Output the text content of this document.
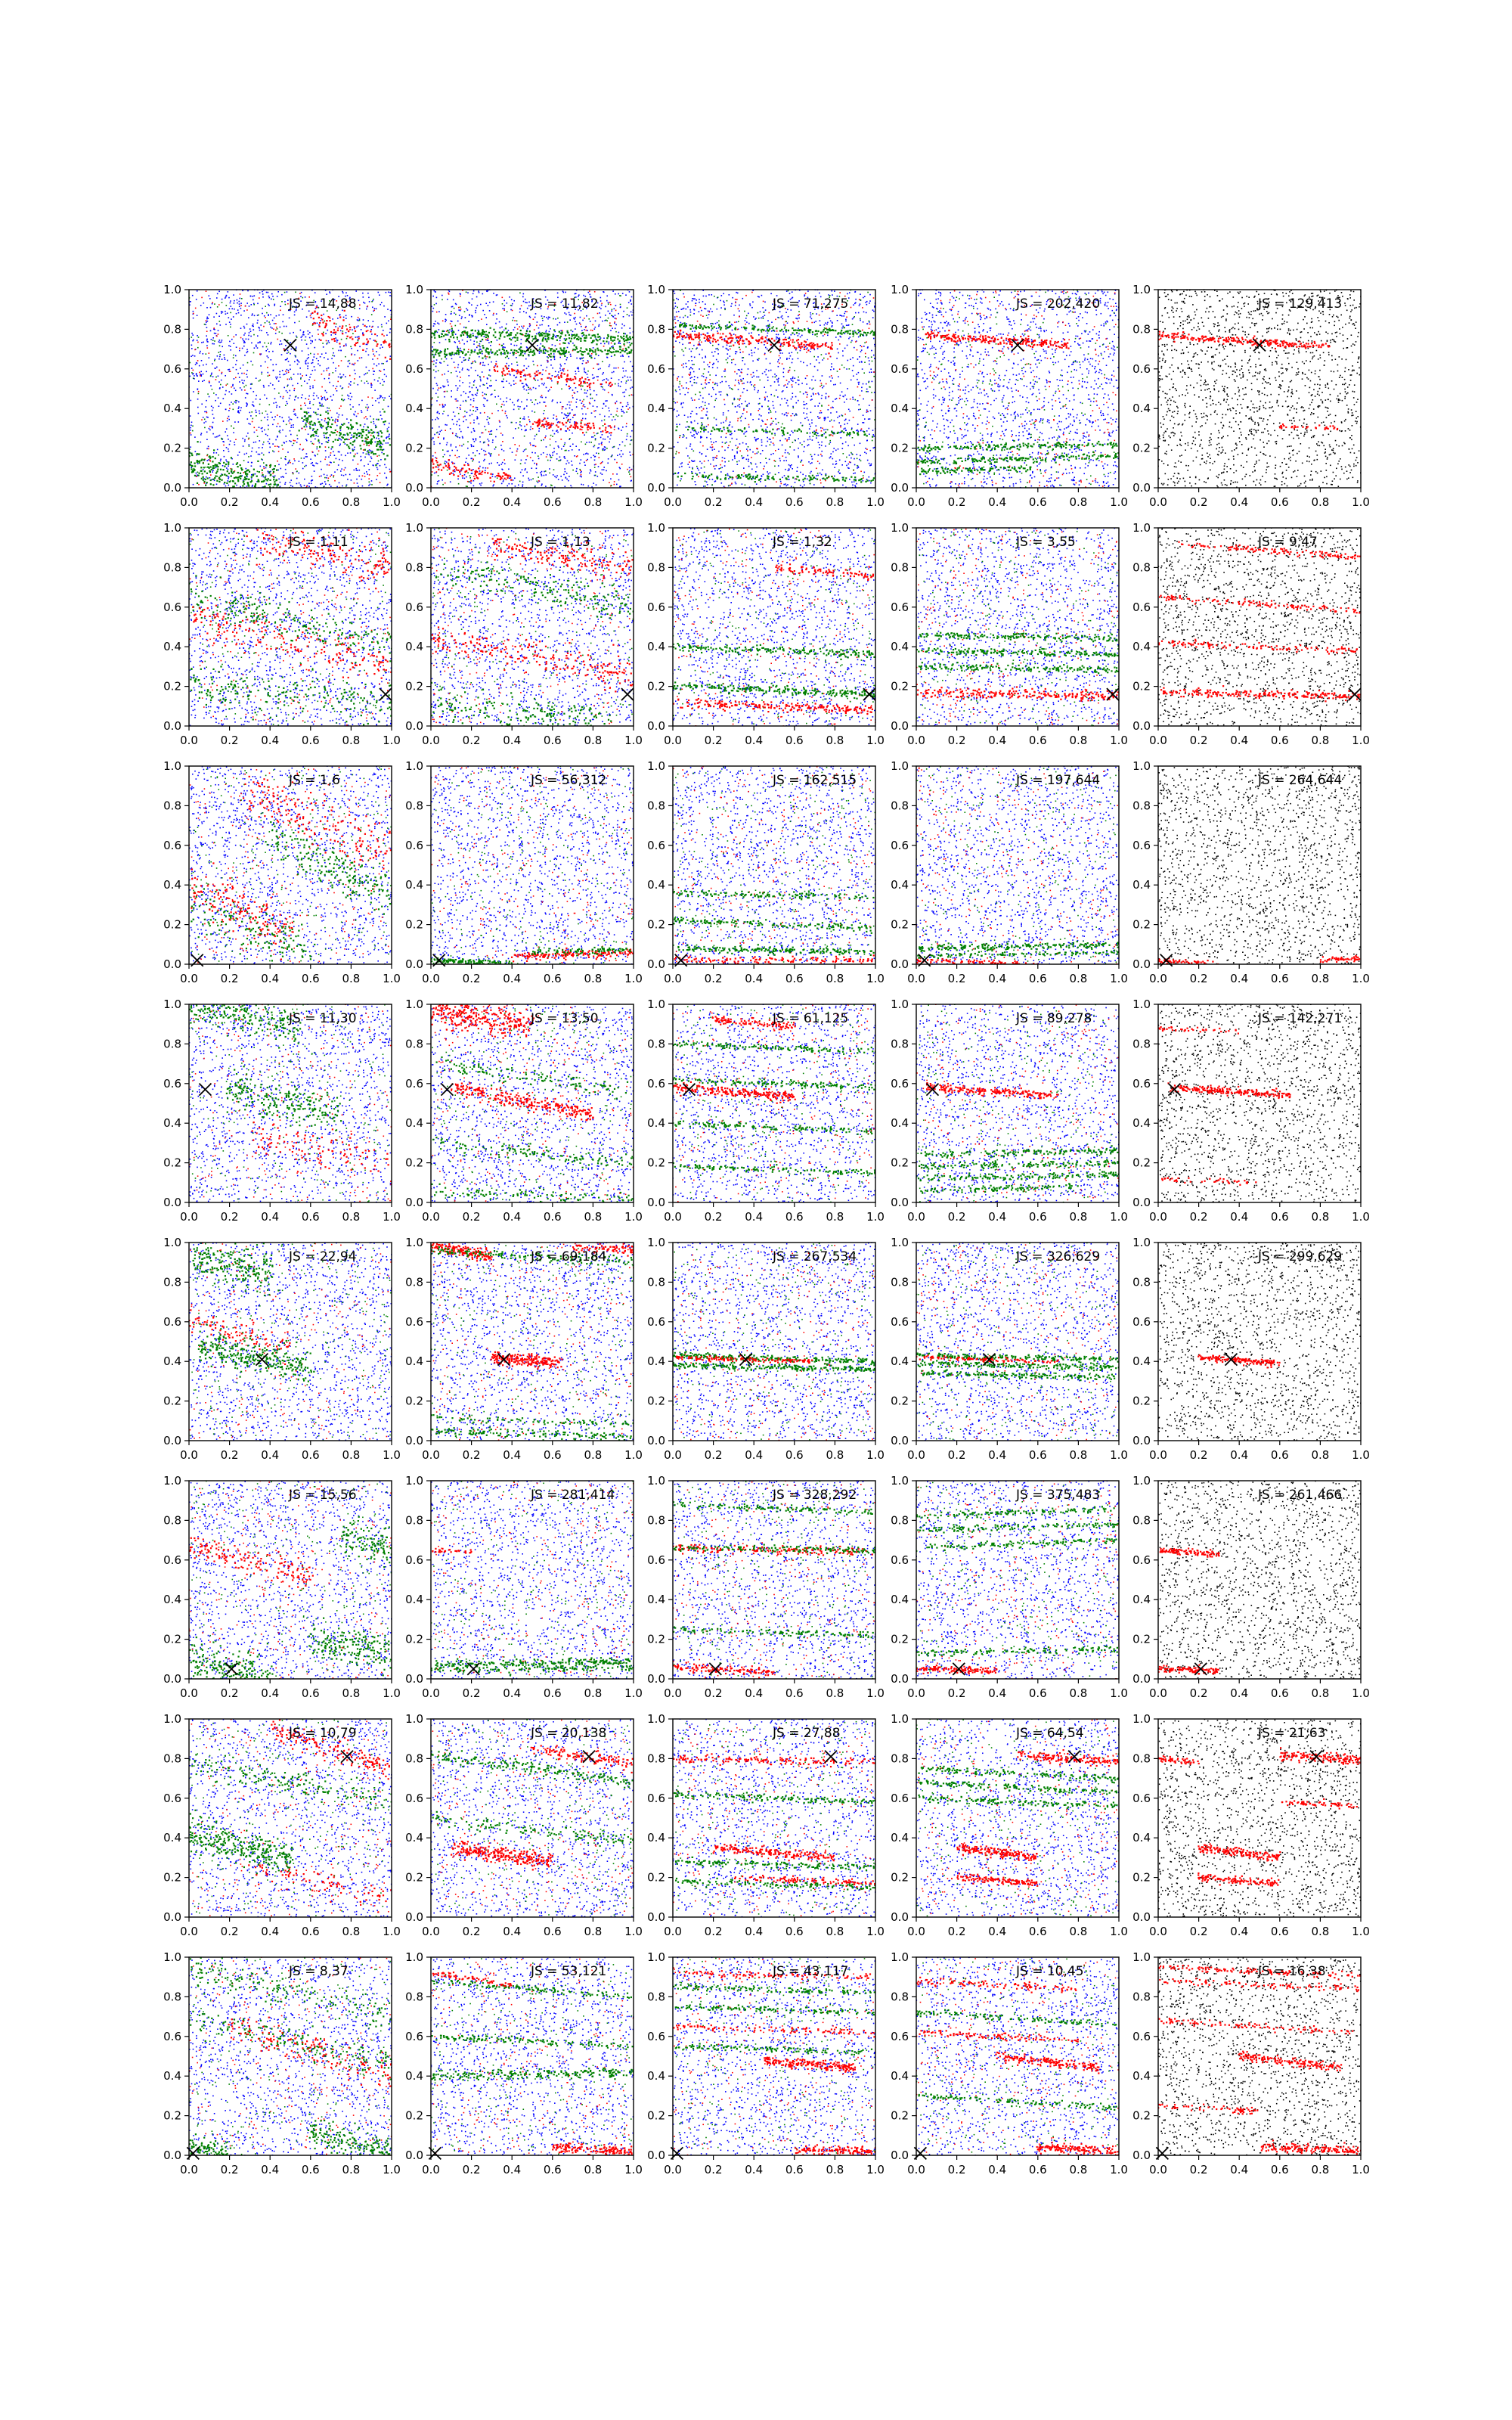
0.0 0.2 0.4 0.6 0.8 1.0
0.0
0.2
0.4
0.6
0.8
1.0
JS = 14,88
0.0 0.2 0.4 0.6 0.8 1.0
0.0
0.2
0.4
0.6
0.8
1.0
JS = 11,82
0.0 0.2 0.4 0.6 0.8 1.0
0.0
0.2
0.4
0.6
0.8
1.0
JS = 71,275
0.0 0.2 0.4 0.6 0.8 1.0
0.0
0.2
0.4
0.6
0.8
1.0
JS = 202,420
0.0 0.2 0.4 0.6 0.8 1.0
0.0
0.2
0.4
0.6
0.8
1.0
JS = 129,413
0.0 0.2 0.4 0.6 0.8 1.0
0.0
0.2
0.4
0.6
0.8
1.0
JS = 1,11
0.0 0.2 0.4 0.6 0.8 1.0
0.0
0.2
0.4
0.6
0.8
1.0
JS = 1,13
0.0 0.2 0.4 0.6 0.8 1.0
0.0
0.2
0.4
0.6
0.8
1.0
JS = 1,32
0.0 0.2 0.4 0.6 0.8 1.0
0.0
0.2
0.4
0.6
0.8
1.0
JS = 3,55
0.0 0.2 0.4 0.6 0.8 1.0
0.0
0.2
0.4
0.6
0.8
1.0
JS = 9,47
0.0 0.2 0.4 0.6 0.8 1.0
0.0
0.2
0.4
0.6
0.8
1.0
JS = 1,6
0.0 0.2 0.4 0.6 0.8 1.0
0.0
0.2
0.4
0.6
0.8
1.0
JS = 56,312
0.0 0.2 0.4 0.6 0.8 1.0
0.0
0.2
0.4
0.6
0.8
1.0
JS = 162,515
0.0 0.2 0.4 0.6 0.8 1.0
0.0
0.2
0.4
0.6
0.8
1.0
JS = 197,644
0.0 0.2 0.4 0.6 0.8 1.0
0.0
0.2
0.4
0.6
0.8
1.0
JS = 264,644
0.0 0.2 0.4 0.6 0.8 1.0
0.0
0.2
0.4
0.6
0.8
1.0
JS = 11,30
0.0 0.2 0.4 0.6 0.8 1.0
0.0
0.2
0.4
0.6
0.8
1.0
JS = 13,50
0.0 0.2 0.4 0.6 0.8 1.0
0.0
0.2
0.4
0.6
0.8
1.0
JS = 61,125
0.0 0.2 0.4 0.6 0.8 1.0
0.0
0.2
0.4
0.6
0.8
1.0
JS = 89,278
0.0 0.2 0.4 0.6 0.8 1.0
0.0
0.2
0.4
0.6
0.8
1.0
JS = 142,271
0.0 0.2 0.4 0.6 0.8 1.0
0.0
0.2
0.4
0.6
0.8
1.0
JS = 22,94
0.0 0.2 0.4 0.6 0.8 1.0
0.0
0.2
0.4
0.6
0.8
1.0
JS = 69,184
0.0 0.2 0.4 0.6 0.8 1.0
0.0
0.2
0.4
0.6
0.8
1.0
JS = 267,534
0.0 0.2 0.4 0.6 0.8 1.0
0.0
0.2
0.4
0.6
0.8
1.0
JS = 326,629
0.0 0.2 0.4 0.6 0.8 1.0
0.0
0.2
0.4
0.6
0.8
1.0
JS = 299,629
0.0 0.2 0.4 0.6 0.8 1.0
0.0
0.2
0.4
0.6
0.8
1.0
JS = 15,56
0.0 0.2 0.4 0.6 0.8 1.0
0.0
0.2
0.4
0.6
0.8
1.0
JS = 281,414
0.0 0.2 0.4 0.6 0.8 1.0
0.0
0.2
0.4
0.6
0.8
1.0
JS = 328,292
0.0 0.2 0.4 0.6 0.8 1.0
0.0
0.2
0.4
0.6
0.8
1.0
JS = 375,483
0.0 0.2 0.4 0.6 0.8 1.0
0.0
0.2
0.4
0.6
0.8
1.0
JS = 261,466
0.0 0.2 0.4 0.6 0.8 1.0
0.0
0.2
0.4
0.6
0.8
1.0
JS = 10,79
0.0 0.2 0.4 0.6 0.8 1.0
0.0
0.2
0.4
0.6
0.8
1.0
JS = 20,138
0.0 0.2 0.4 0.6 0.8 1.0
0.0
0.2
0.4
0.6
0.8
1.0
JS = 27,88
0.0 0.2 0.4 0.6 0.8 1.0
0.0
0.2
0.4
0.6
0.8
1.0
JS = 64,54
0.0 0.2 0.4 0.6 0.8 1.0
0.0
0.2
0.4
0.6
0.8
1.0
JS = 21,63
0.0 0.2 0.4 0.6 0.8 1.0
0.0
0.2
0.4
0.6
0.8
1.0
JS = 8,37
0.0 0.2 0.4 0.6 0.8 1.0
0.0
0.2
0.4
0.6
0.8
1.0
JS = 53,121
0.0 0.2 0.4 0.6 0.8 1.0
0.0
0.2
0.4
0.6
0.8
1.0
JS = 43,117
0.0 0.2 0.4 0.6 0.8 1.0
0.0
0.2
0.4
0.6
0.8
1.0
JS = 10,45
0.0 0.2 0.4 0.6 0.8 1.0
0.0
0.2
0.4
0.6
0.8
1.0
JS = 16,38
